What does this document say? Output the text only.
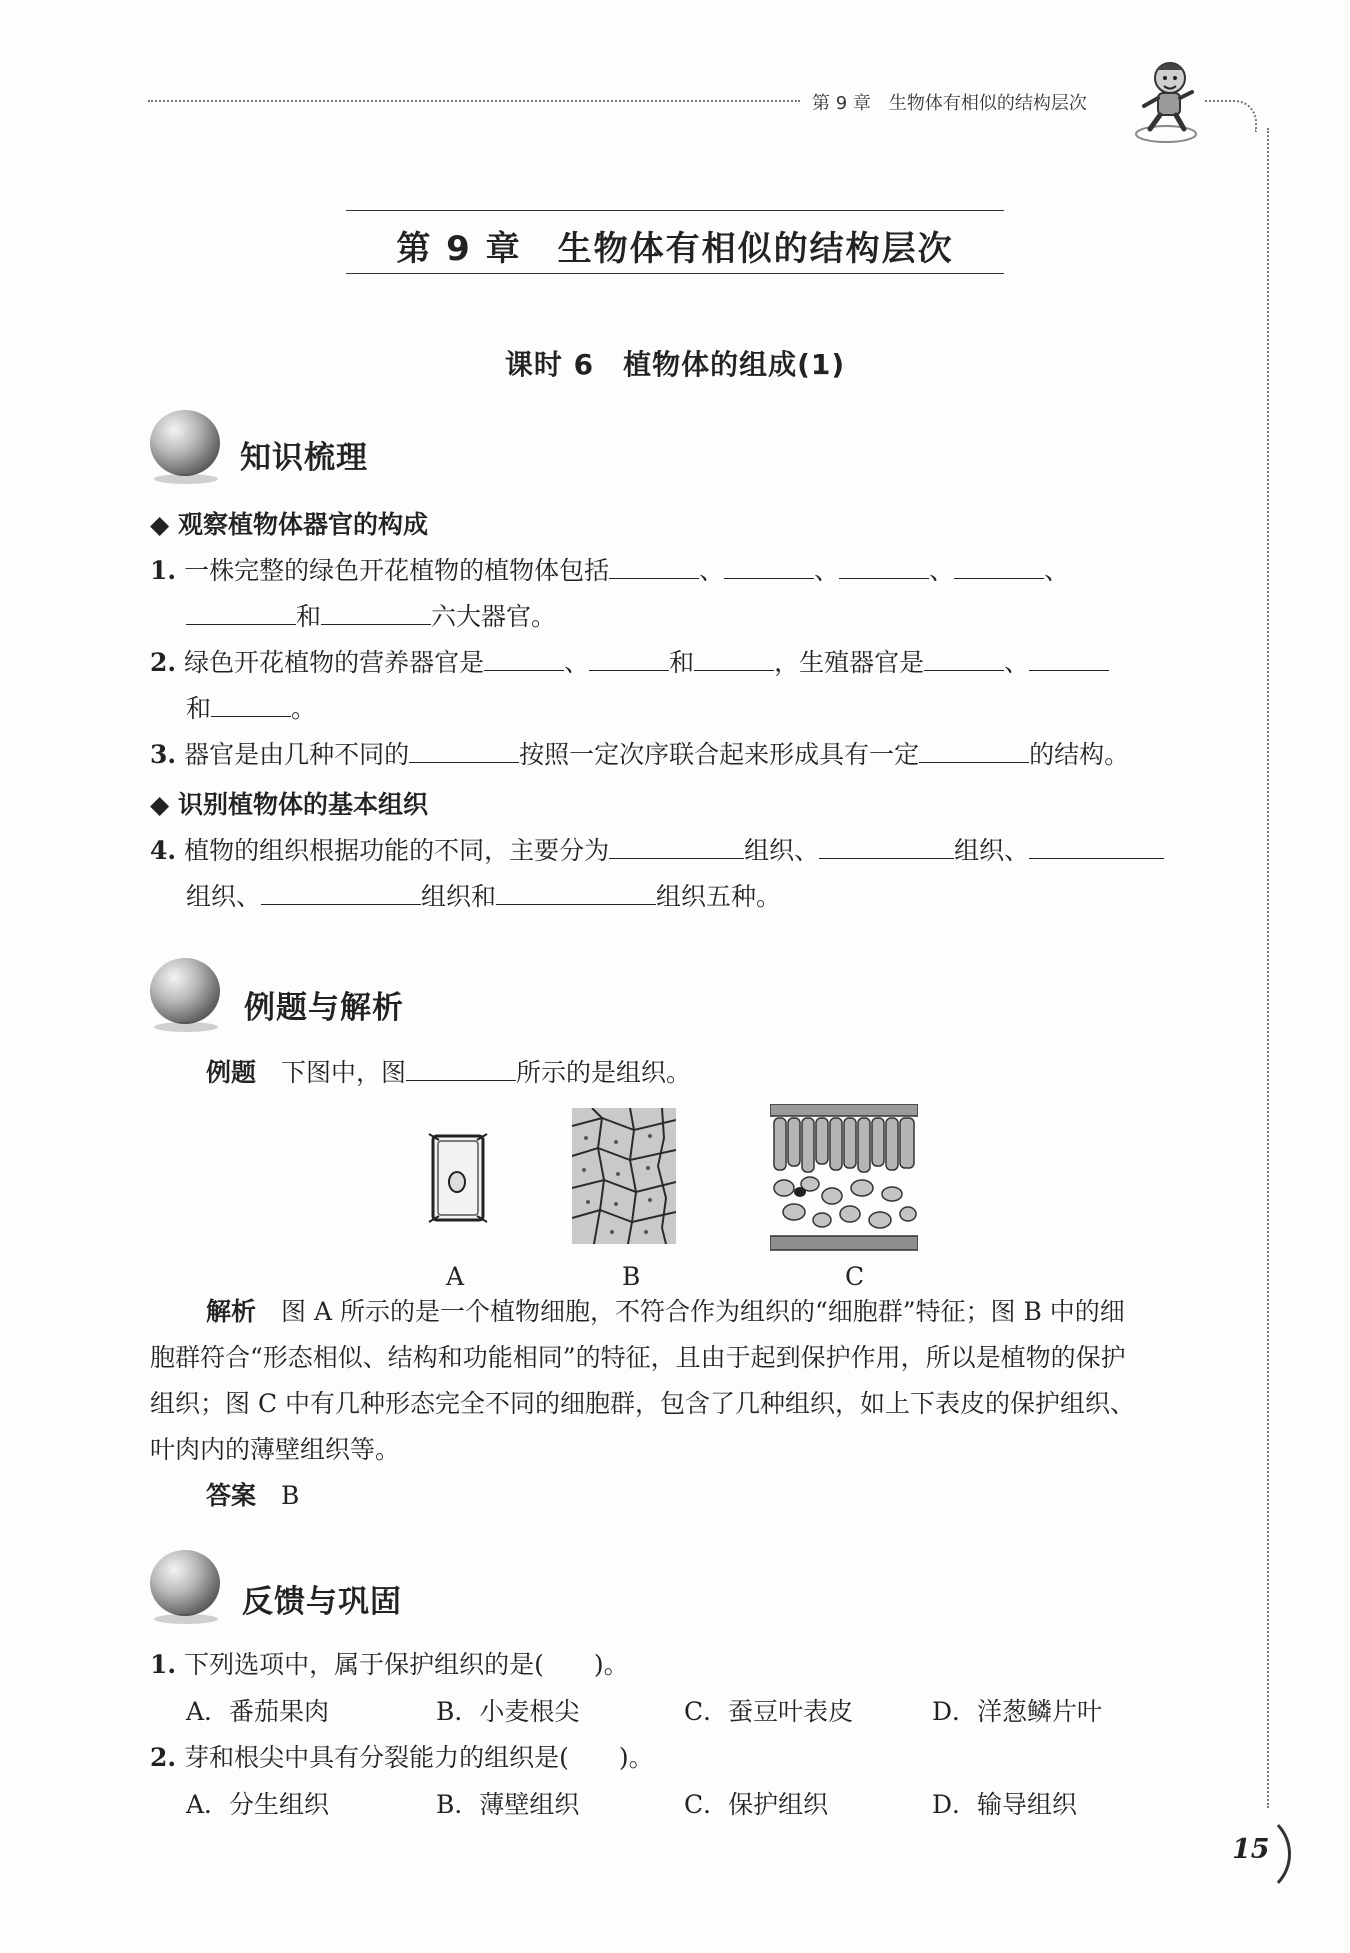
第 9 章　生物体有相似的结构层次
第 9 章　生物体有相似的结构层次
课时 6　植物体的组成(1)
知识梳理
◆ 观察植物体器官的构成
1. 一株完整的绿色开花植物的植物体包括	、	、	、	、
和	六大器官。
2. 绿色开花植物的营养器官是	、	和	，生殖器官是	、
和	。
3. 器官是由几种不同的	按照一定次序联合起来形成具有一定	的结构。
◆ 识别植物体的基本组织
4. 植物的组织根据功能的不同，主要分为	组织、	组织、
组织、	组织和	组织五种。
例题与解析
例题　 下图中，图	所示的是组织。
A	B	C
解析　 图 A 所示的是一个植物细胞，不符合作为组织的“细胞群”特征；图 B 中的细
胞群符合“形态相似、结构和功能相同”的特征，且由于起到保护作用，所以是植物的保护
组织；图 C 中有几种形态完全不同的细胞群，包含了几种组织，如上下表皮的保护组织、
叶肉内的薄壁组织等。
答案　 B
反馈与巩固
1. 下列选项中，属于保护组织的是(　　)。
A．番茄果肉	B．小麦根尖	C．蚕豆叶表皮	D．洋葱鳞片叶
2. 芽和根尖中具有分裂能力的组织是(　　)。
A．分生组织	B．薄壁组织	C．保护组织	D．输导组织
15
